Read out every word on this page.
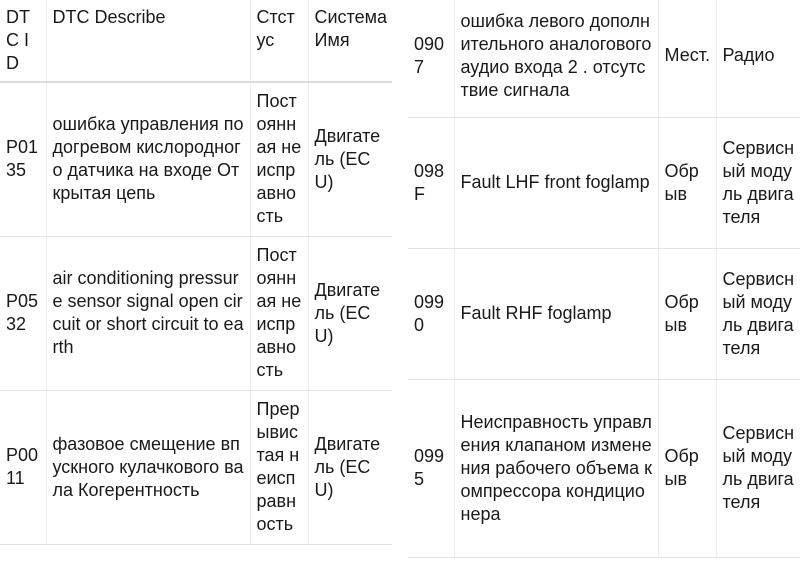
DTC ID	DTC Describe	Стстус	Система Имя
P0135	ошибка управления подогревом кислородного датчика на входе Открытая цепь	Постоянная неисправность	Двигатель (ECU)
P0532	air conditioning pressure sensor signal open circuit or short circuit to earth	Постоянная неисправность	Двигатель (ECU)
P0011	фазовое смещение впускного кулачкового вала Когерентность	Прерывистая неисправность	Двигатель (ECU)
0907	ошибка левого дополнительного аналогового аудио входа 2 . отсутствие сигнала	Мест.	Радио
098F	Fault LHF front foglamp	Обрыв	Сервисный модуль двигателя
0990	Fault RHF foglamp	Обрыв	Сервисный модуль двигателя
0995	Неисправность управления клапаном изменения рабочего объема компрессора кондиционера	Обрыв	Сервисный модуль двигателя
